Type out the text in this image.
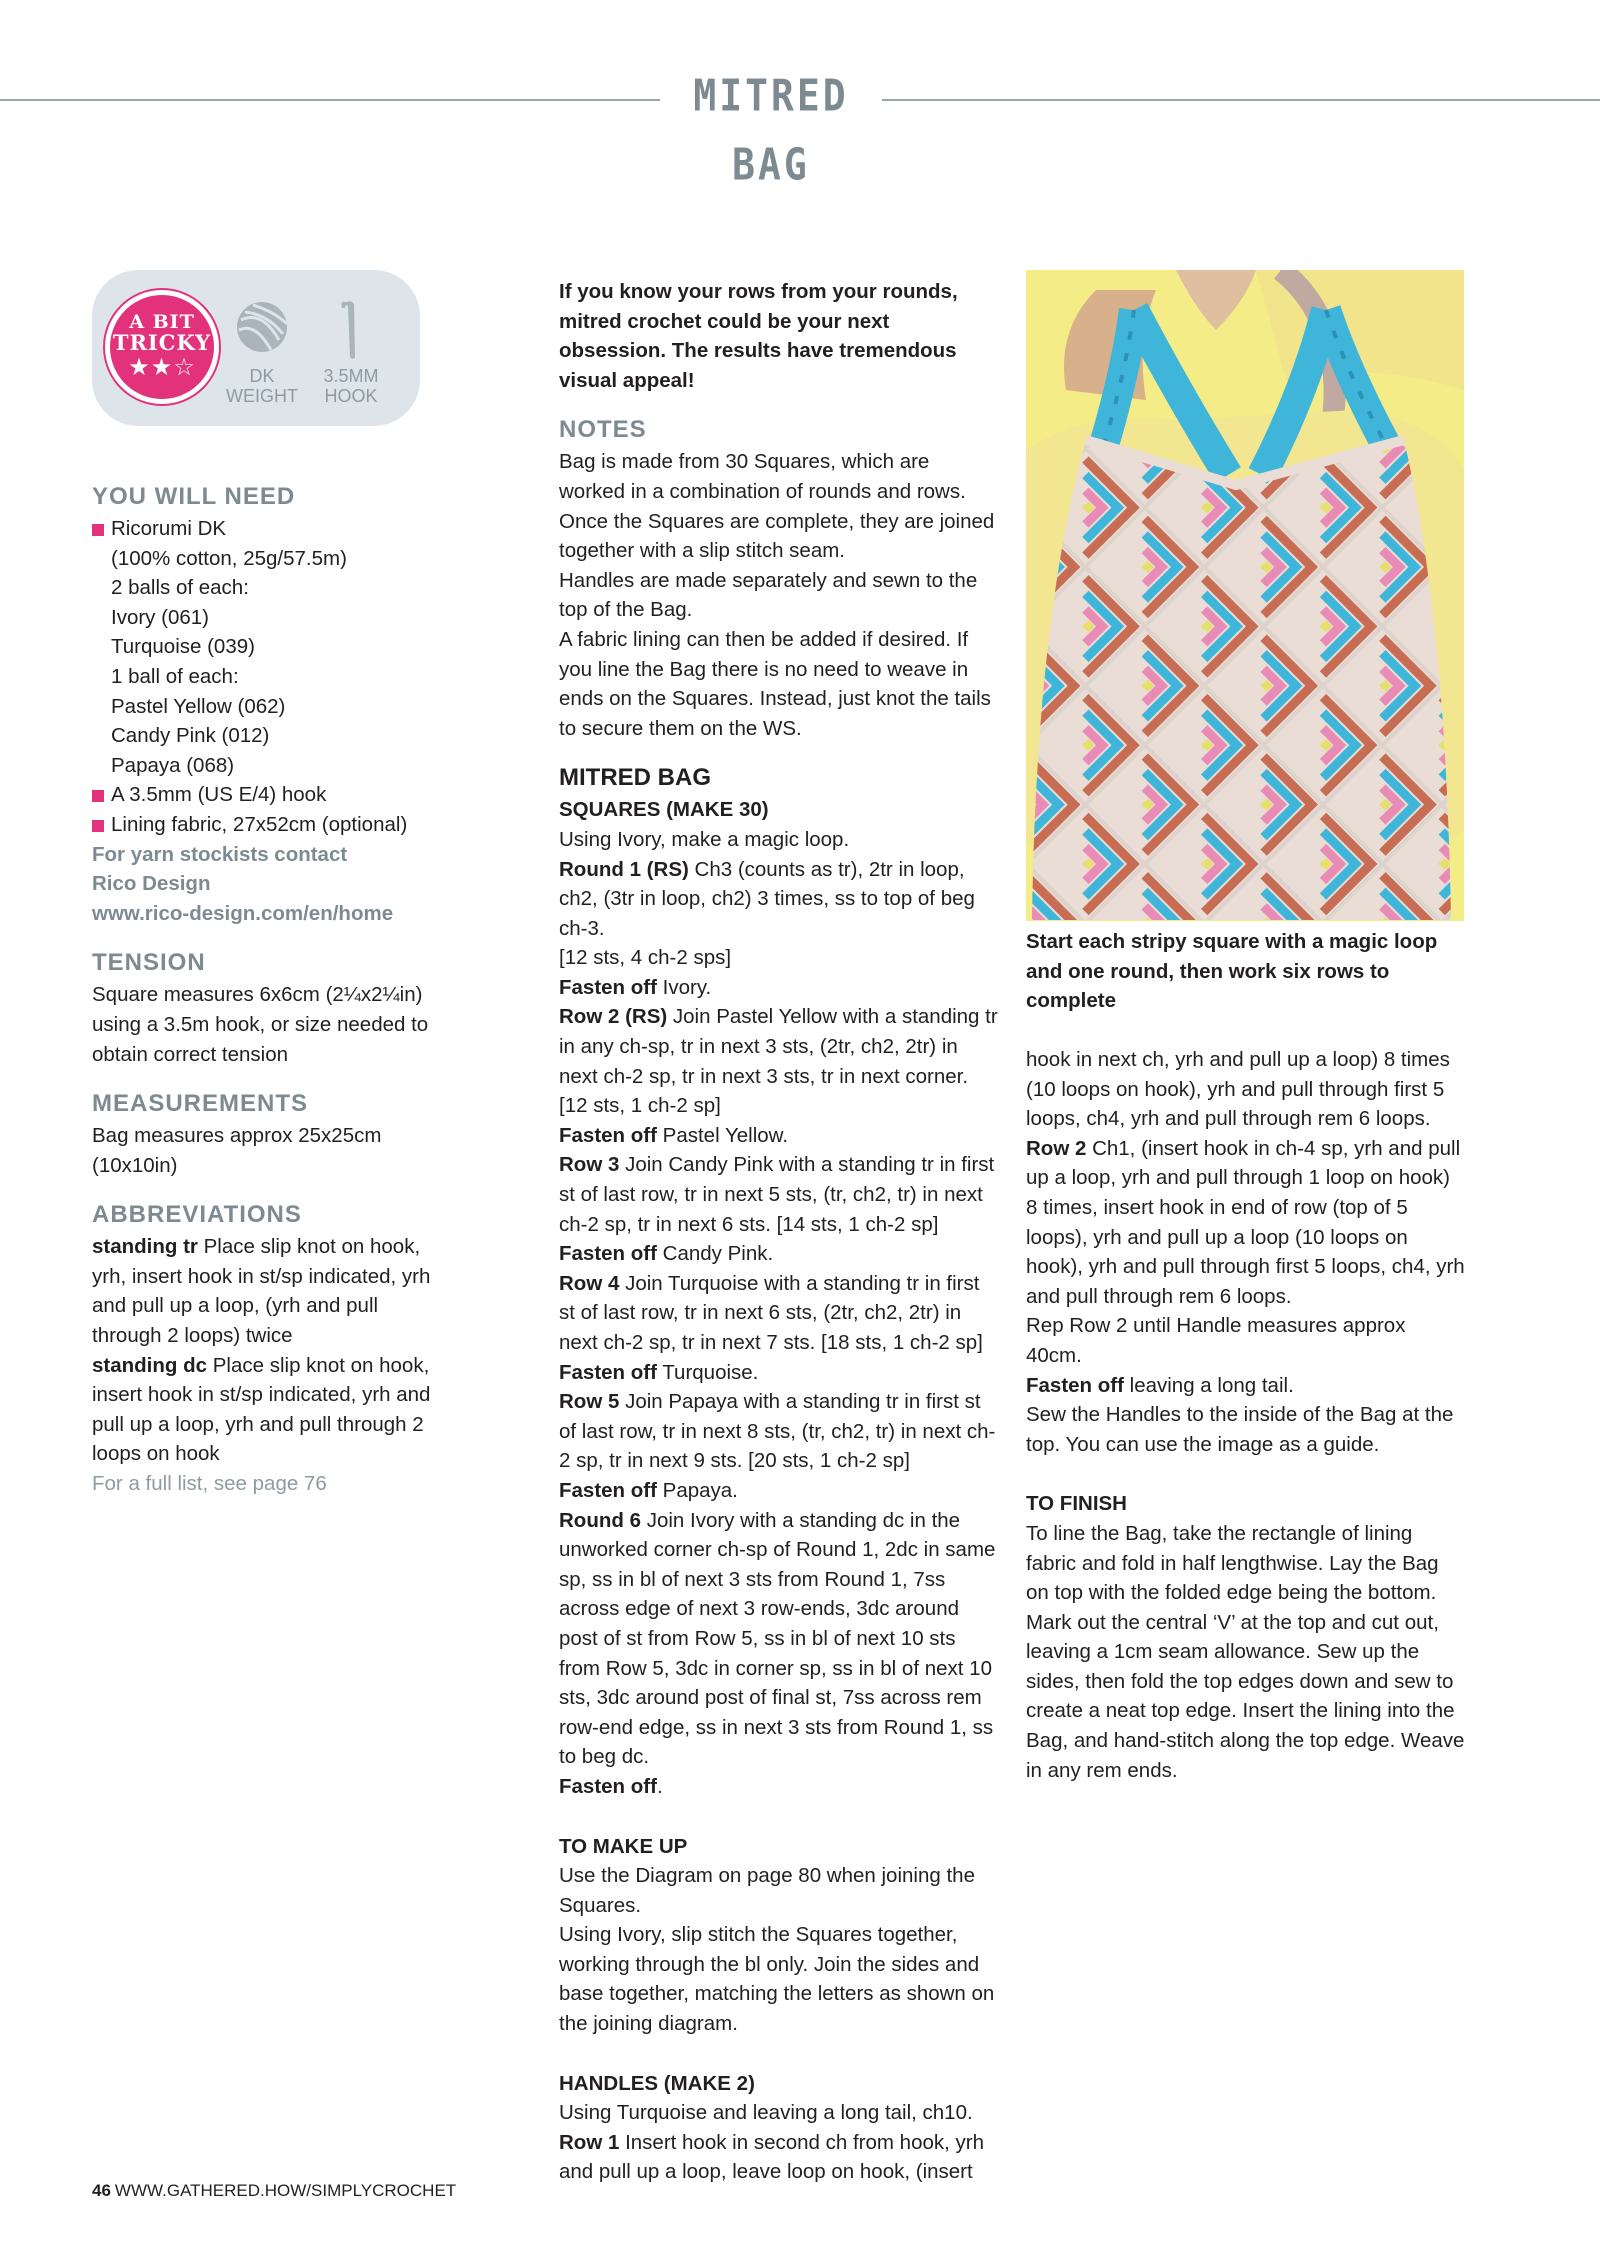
MITRED BAG
A BIT
TRICKY
★★☆	DK
WEIGHT
3.5MM
HOOK
YOU WILL NEED
Ricorumi DK
(100% cotton, 25g/57.5m)
2 balls of each:
Ivory (061)
Turquoise (039)
1 ball of each:
Pastel Yellow (062)
Candy Pink (012)
Papaya (068)
A 3.5mm (US E/4) hook
Lining fabric, 27x52cm (optional)
For yarn stockists contact
Rico Design
www.rico-design.com/en/home
TENSION

Square measures 6x6cm (2¼x2¼in) using a 3.5m hook, or size needed to obtain correct tension

MEASUREMENTS

Bag measures approx 25x25cm (10x10in)

ABBREVIATIONS

standing tr Place slip knot on hook, yrh, insert hook in st/sp indicated, yrh and pull up a loop, (yrh and pull through 2 loops) twice

standing dc Place slip knot on hook, insert hook in st/sp indicated, yrh and pull up a loop, yrh and pull through 2 loops on hook

For a full list, see page 76

If you know your rows from your rounds, mitred crochet could be your next obsession. The results have tremendous visual appeal!

NOTES

Bag is made from 30 Squares, which are worked in a combination of rounds and rows.

Once the Squares are complete, they are joined together with a slip stitch seam.

Handles are made separately and sewn to the top of the Bag.

A fabric lining can then be added if desired. If you line the Bag there is no need to weave in ends on the Squares. Instead, just knot the tails to secure them on the WS.

MITRED BAG
SQUARES (MAKE 30)

Using Ivory, make a magic loop.

Round 1 (RS) Ch3 (counts as tr), 2tr in loop, ch2, (3tr in loop, ch2) 3 times, ss to top of beg ch-3.

[12 sts, 4 ch-2 sps]

Fasten off Ivory.

Row 2 (RS) Join Pastel Yellow with a standing tr in any ch-sp, tr in next 3 sts, (2tr, ch2, 2tr) in next ch-2 sp, tr in next 3 sts, tr in next corner.

[12 sts, 1 ch-2 sp]

Fasten off Pastel Yellow.

Row 3 Join Candy Pink with a standing tr in first st of last row, tr in next 5 sts, (tr, ch2, tr) in next ch-2 sp, tr in next 6 sts. [14 sts, 1 ch-2 sp]

Fasten off Candy Pink.

Row 4 Join Turquoise with a standing tr in first st of last row, tr in next 6 sts, (2tr, ch2, 2tr) in next ch-2 sp, tr in next 7 sts. [18 sts, 1 ch-2 sp]

Fasten off Turquoise.

Row 5 Join Papaya with a standing tr in first st of last row, tr in next 8 sts, (tr, ch2, tr) in next ch-2 sp, tr in next 9 sts. [20 sts, 1 ch-2 sp]

Fasten off Papaya.

Round 6 Join Ivory with a standing dc in the unworked corner ch-sp of Round 1, 2dc in same sp, ss in bl of next 3 sts from Round 1, 7ss across edge of next 3 row-ends, 3dc around post of st from Row 5, ss in bl of next 10 sts from Row 5, 3dc in corner sp, ss in bl of next 10 sts, 3dc around post of final st, 7ss across rem row-end edge, ss in next 3 sts from Round 1, ss to beg dc.

Fasten off.

TO MAKE UP

Use the Diagram on page 80 when joining the Squares.

Using Ivory, slip stitch the Squares together, working through the bl only. Join the sides and base together, matching the letters as shown on the joining diagram.

HANDLES (MAKE 2)

Using Turquoise and leaving a long tail, ch10.

Row 1 Insert hook in second ch from hook, yrh and pull up a loop, leave loop on hook, (insert

Start each stripy square with a magic loop and one round, then work six rows to complete

hook in next ch, yrh and pull up a loop) 8 times (10 loops on hook), yrh and pull through first 5 loops, ch4, yrh and pull through rem 6 loops.

Row 2 Ch1, (insert hook in ch-4 sp, yrh and pull up a loop, yrh and pull through 1 loop on hook) 8 times, insert hook in end of row (top of 5 loops), yrh and pull up a loop (10 loops on hook), yrh and pull through first 5 loops, ch4, yrh and pull through rem 6 loops.

Rep Row 2 until Handle measures approx 40cm.

Fasten off leaving a long tail.

Sew the Handles to the inside of the Bag at the top. You can use the image as a guide.

TO FINISH

To line the Bag, take the rectangle of lining fabric and fold in half lengthwise. Lay the Bag on top with the folded edge being the bottom. Mark out the central ‘V’ at the top and cut out, leaving a 1cm seam allowance. Sew up the sides, then fold the top edges down and sew to create a neat top edge. Insert the lining into the Bag, and hand-stitch along the top edge. Weave in any rem ends.

46 WWW.GATHERED.HOW/SIMPLYCROCHET
